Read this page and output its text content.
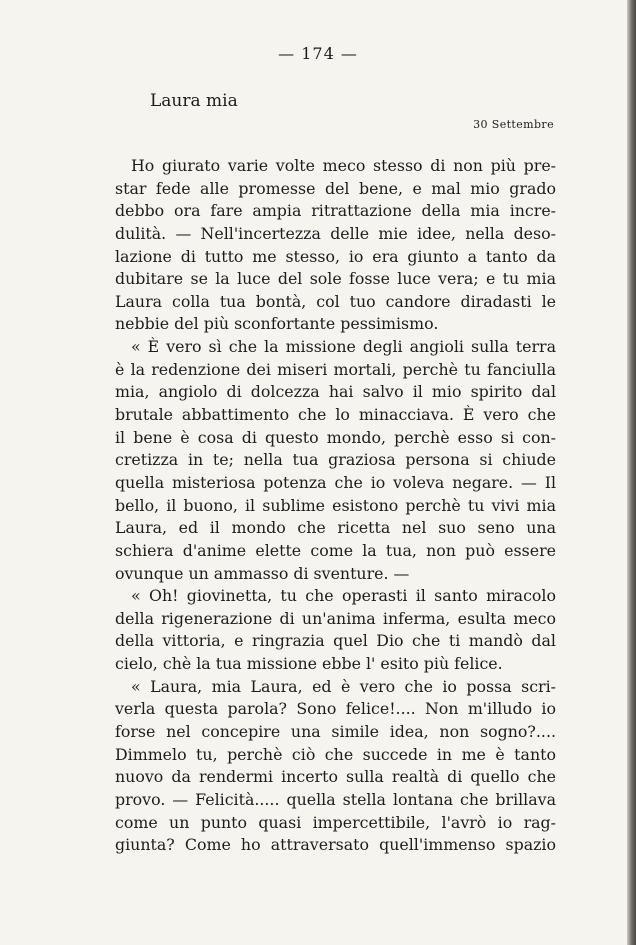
— 174 —
Laura mia
30 Settembre
Ho giurato varie volte meco stesso di non più pre-
star fede alle promesse del bene, e mal mio grado
debbo ora fare ampia ritrattazione della mia incre-
dulità. — Nell'incertezza delle mie idee, nella deso-
lazione di tutto me stesso, io era giunto a tanto da
dubitare se la luce del sole fosse luce vera; e tu mia
Laura colla tua bontà, col tuo candore diradasti le
nebbie del più sconfortante pessimismo.
« È vero sì che la missione degli angioli sulla terra
è la redenzione dei miseri mortali, perchè tu fanciulla
mia, angiolo di dolcezza hai salvo il mio spirito dal
brutale abbattimento che lo minacciava. È vero che
il bene è cosa di questo mondo, perchè esso si con-
cretizza in te; nella tua graziosa persona si chiude
quella misteriosa potenza che io voleva negare. — Il
bello, il buono, il sublime esistono perchè tu vivi mia
Laura, ed il mondo che ricetta nel suo seno una
schiera d'anime elette come la tua, non può essere
ovunque un ammasso di sventure. —
« Oh! giovinetta, tu che operasti il santo miracolo
della rigenerazione di un'anima inferma, esulta meco
della vittoria, e ringrazia quel Dio che ti mandò dal
cielo, chè la tua missione ebbe l' esito più felice.
« Laura, mia Laura, ed è vero che io possa scri-
verla questa parola? Sono felice!.... Non m'illudo io
forse nel concepire una simile idea, non sogno?....
Dimmelo tu, perchè ciò che succede in me è tanto
nuovo da rendermi incerto sulla realtà di quello che
provo. — Felicità..... quella stella lontana che brillava
come un punto quasi impercettibile, l'avrò io rag-
giunta? Come ho attraversato quell'immenso spazio
